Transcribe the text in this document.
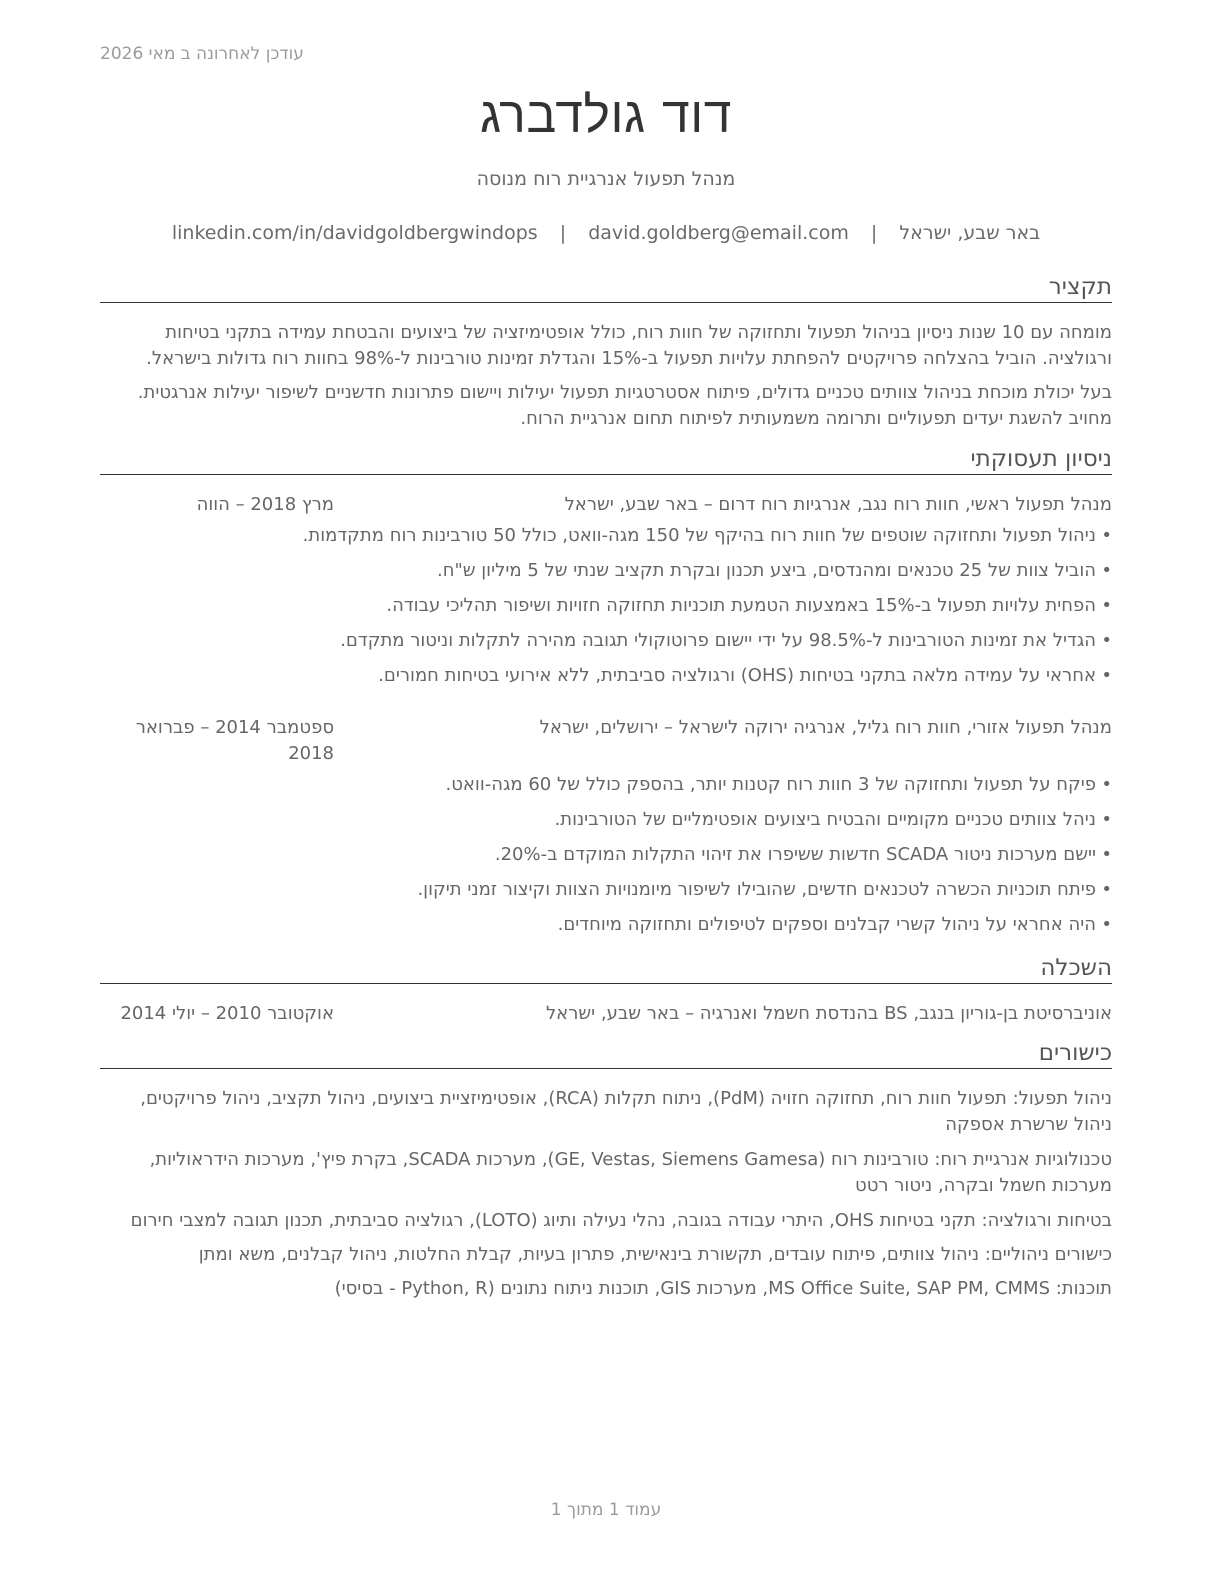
עודכן לאחרונה ב מאי 2026
דוד גולדברג
מנהל תפעול אנרגיית רוח מנוסה
באר שבע, ישראל | david.goldberg@email.com | linkedin.com/in/davidgoldbergwindops
תקציר
מומחה עם 10 שנות ניסיון בניהול תפעול ותחזוקה של חוות רוח, כולל אופטימיזציה של ביצועים והבטחת עמידה בתקני בטיחות ורגולציה. הוביל בהצלחה פרויקטים להפחתת עלויות תפעול ב-15% והגדלת זמינות טורבינות ל-98% בחוות רוח גדולות בישראל.
בעל יכולת מוכחת בניהול צוותים טכניים גדולים, פיתוח אסטרטגיות תפעול יעילות ויישום פתרונות חדשניים לשיפור יעילות אנרגטית. מחויב להשגת יעדים תפעוליים ותרומה משמעותית לפיתוח תחום אנרגיית הרוח.
ניסיון תעסוקתי
מנהל תפעול ראשי, חוות רוח נגב, אנרגיות רוח דרום – באר שבע, ישראל
מרץ 2018 – הווה
•
ניהול תפעול ותחזוקה שוטפים של חוות רוח בהיקף של 150 מגה-וואט, כולל 50 טורבינות רוח מתקדמות.
•
הוביל צוות של 25 טכנאים ומהנדסים, ביצע תכנון ובקרת תקציב שנתי של 5 מיליון ש"ח.
•
הפחית עלויות תפעול ב-15% באמצעות הטמעת תוכניות תחזוקה חזויות ושיפור תהליכי עבודה.
•
הגדיל את זמינות הטורבינות ל-98.5% על ידי יישום פרוטוקולי תגובה מהירה לתקלות וניטור מתקדם.
•
אחראי על עמידה מלאה בתקני בטיחות (OHS) ורגולציה סביבתית, ללא אירועי בטיחות חמורים.
מנהל תפעול אזורי, חוות רוח גליל, אנרגיה ירוקה לישראל – ירושלים, ישראל
ספטמבר 2014 – פברואר 2018
•
פיקח על תפעול ותחזוקה של 3 חוות רוח קטנות יותר, בהספק כולל של 60 מגה-וואט.
•
ניהל צוותים טכניים מקומיים והבטיח ביצועים אופטימליים של הטורבינות.
•
יישם מערכות ניטור SCADA חדשות ששיפרו את זיהוי התקלות המוקדם ב-20%.
•
פיתח תוכניות הכשרה לטכנאים חדשים, שהובילו לשיפור מיומנויות הצוות וקיצור זמני תיקון.
•
היה אחראי על ניהול קשרי קבלנים וספקים לטיפולים ותחזוקה מיוחדים.
השכלה
אוניברסיטת בן-גוריון בנגב, BS בהנדסת חשמל ואנרגיה – באר שבע, ישראל
אוקטובר 2010 – יולי 2014
כישורים
ניהול תפעול: תפעול חוות רוח, תחזוקה חזויה (PdM), ניתוח תקלות (RCA), אופטימיזציית ביצועים, ניהול תקציב, ניהול פרויקטים, ניהול שרשרת אספקה
טכנולוגיות אנרגיית רוח: טורבינות רוח (GE, Vestas, Siemens Gamesa), מערכות SCADA, בקרת פיץ', מערכות הידראוליות, מערכות חשמל ובקרה, ניטור רטט
בטיחות ורגולציה: תקני בטיחות OHS, היתרי עבודה בגובה, נהלי נעילה ותיוג (LOTO), רגולציה סביבתית, תכנון תגובה למצבי חירום
כישורים ניהוליים: ניהול צוותים, פיתוח עובדים, תקשורת בינאישית, פתרון בעיות, קבלת החלטות, ניהול קבלנים, משא ומתן
תוכנות: MS Office Suite, SAP PM, CMMS, מערכות GIS, תוכנות ניתוח נתונים (Python, R - בסיסי)
עמוד 1 מתוך 1
